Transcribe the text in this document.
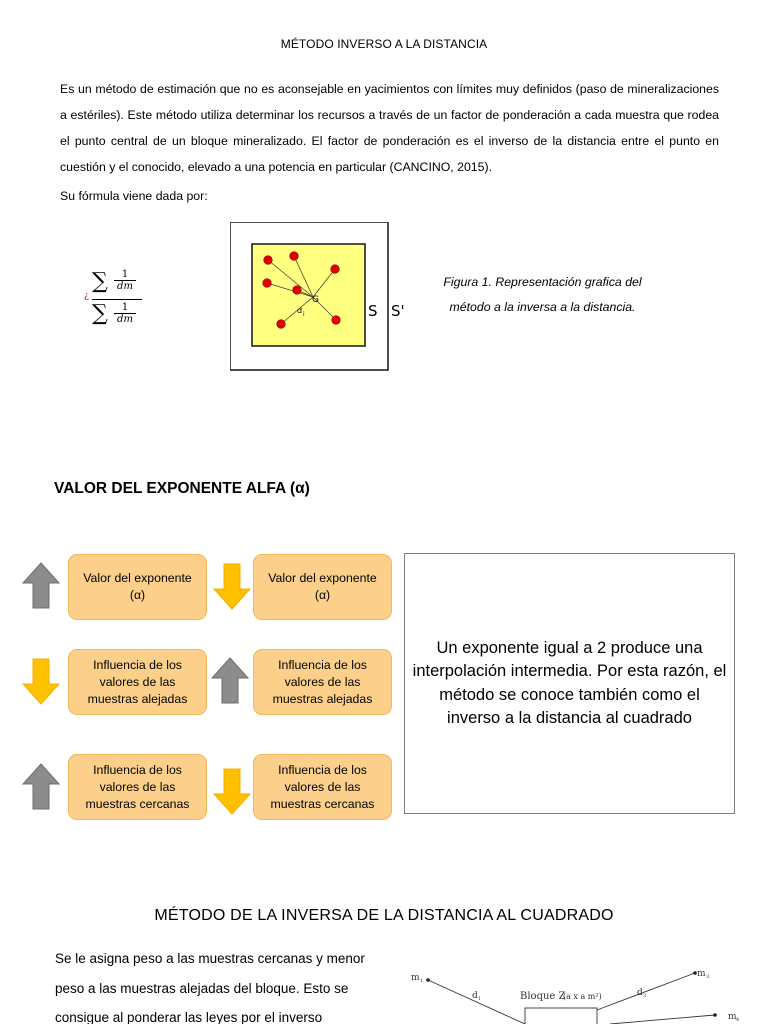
MÉTODO INVERSO A LA DISTANCIA

Es un método de estimación que no es aconsejable en yacimientos con límites muy definidos (paso de mineralizaciones a estériles). Este método utiliza determinar los recursos a través de un factor de ponderación a cada muestra que rodea el punto central de un bloque mineralizado. El factor de ponderación es el inverso de la distancia entre el punto en cuestión y el conocido, elevado a una potencia en particular (CANCINO, 2015).

Su fórmula viene dada por:
¿
∑ $\frac{1}{dm}$
∑ $\frac{1}{dm}$
G
d i	S S'
Figura 1. Representación grafica del método a la inversa a la distancia.
VALOR DEL EXPONENTE ALFA (α)
Valor del exponente (α)
Valor del exponente (α)
Influencia de los valores de las muestras alejadas
Influencia de los valores de las muestras alejadas
Influencia de los valores de las muestras cercanas
Influencia de los valores de las muestras cercanas
Un exponente igual a 2 produce una interpolación intermedia. Por esta razón, el método se conoce también como el inverso a la distancia al cuadrado
MÉTODO DE LA INVERSA DE LA DISTANCIA AL CUADRADO

Se le asigna peso a las muestras cercanas y menor peso a las muestras alejadas del bloque. Esto se consigue al ponderar las leyes por el inverso

m 1
m 3
m 4
d 1
d 3
Bloque Z
(a x a m²)
